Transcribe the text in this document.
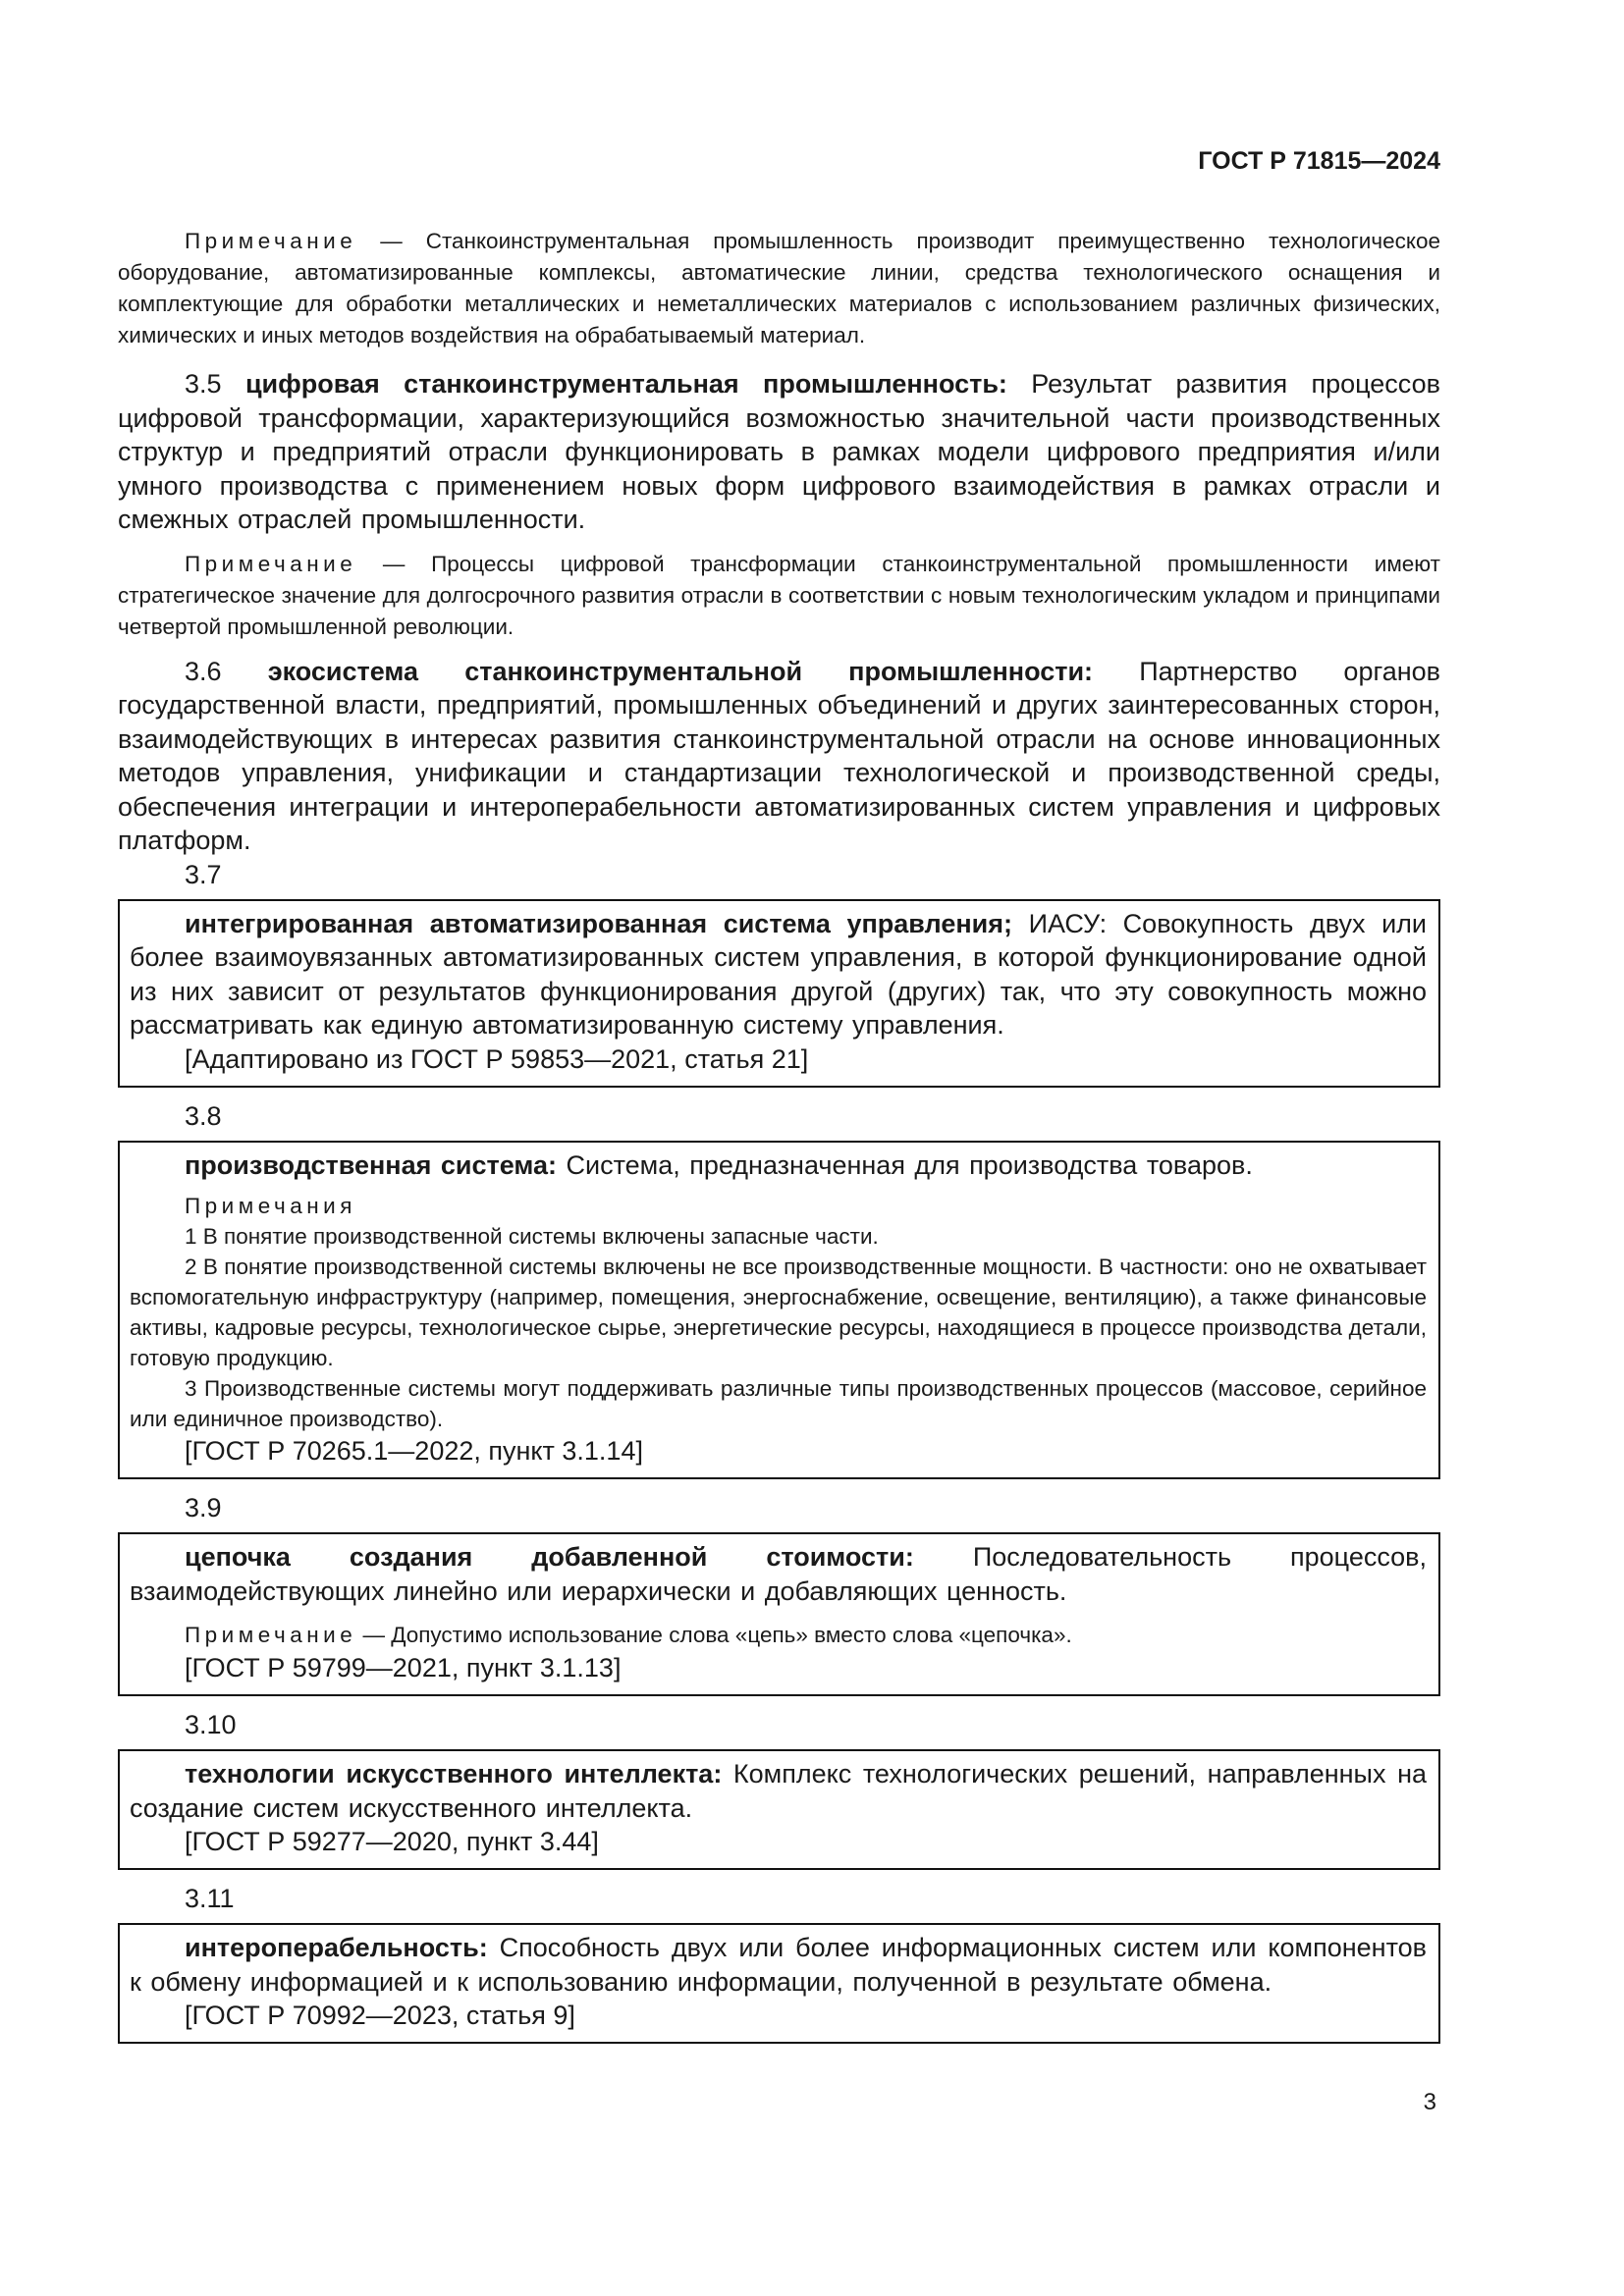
ГОСТ Р 71815—2024

Примечание — Станкоинструментальная промышленность производит преимущественно технологическое оборудование, автоматизированные комплексы, автоматические линии, средства технологического оснащения и комплектующие для обработки металлических и неметаллических материалов с использованием различных физических, химических и иных методов воздействия на обрабатываемый материал.

3.5 цифровая станкоинструментальная промышленность: Результат развития процессов цифровой трансформации, характеризующийся возможностью значительной части производственных структур и предприятий отрасли функционировать в рамках модели цифрового предприятия и/или умного производства с применением новых форм цифрового взаимодействия в рамках отрасли и смежных отраслей промышленности.

Примечание — Процессы цифровой трансформации станкоинструментальной промышленности имеют стратегическое значение для долгосрочного развития отрасли в соответствии с новым технологическим укладом и принципами четвертой промышленной революции.

3.6 экосистема станкоинструментальной промышленности: Партнерство органов государственной власти, предприятий, промышленных объединений и других заинтересованных сторон, взаимодействующих в интересах развития станкоинструментальной отрасли на основе инновационных методов управления, унификации и стандартизации технологической и производственной среды, обеспечения интеграции и интероперабельности автоматизированных систем управления и цифровых платформ.

3.7

интегрированная автоматизированная система управления; ИАСУ: Совокупность двух или более взаимоувязанных автоматизированных систем управления, в которой функционирование одной из них зависит от результатов функционирования другой (других) так, что эту совокупность можно рассматривать как единую автоматизированную систему управления.

[Адаптировано из ГОСТ Р 59853—2021, статья 21]

3.8

производственная система: Система, предназначенная для производства товаров.

Примечания

1 В понятие производственной системы включены запасные части.

2 В понятие производственной системы включены не все производственные мощности. В частности: оно не охватывает вспомогательную инфраструктуру (например, помещения, энергоснабжение, освещение, вентиляцию), а также финансовые активы, кадровые ресурсы, технологическое сырье, энергетические ресурсы, находящиеся в процессе производства детали, готовую продукцию.

3 Производственные системы могут поддерживать различные типы производственных процессов (массовое, серийное или единичное производство).

[ГОСТ Р 70265.1—2022, пункт 3.1.14]

3.9

цепочка создания добавленной стоимости: Последовательность процессов, взаимодействующих линейно или иерархически и добавляющих ценность.

Примечание — Допустимо использование слова «цепь» вместо слова «цепочка».

[ГОСТ Р 59799—2021, пункт 3.1.13]

3.10

технологии искусственного интеллекта: Комплекс технологических решений, направленных на создание систем искусственного интеллекта.

[ГОСТ Р 59277—2020, пункт 3.44]

3.11

интероперабельность: Способность двух или более информационных систем или компонентов к обмену информацией и к использованию информации, полученной в результате обмена.

[ГОСТ Р 70992—2023, статья 9]

3
